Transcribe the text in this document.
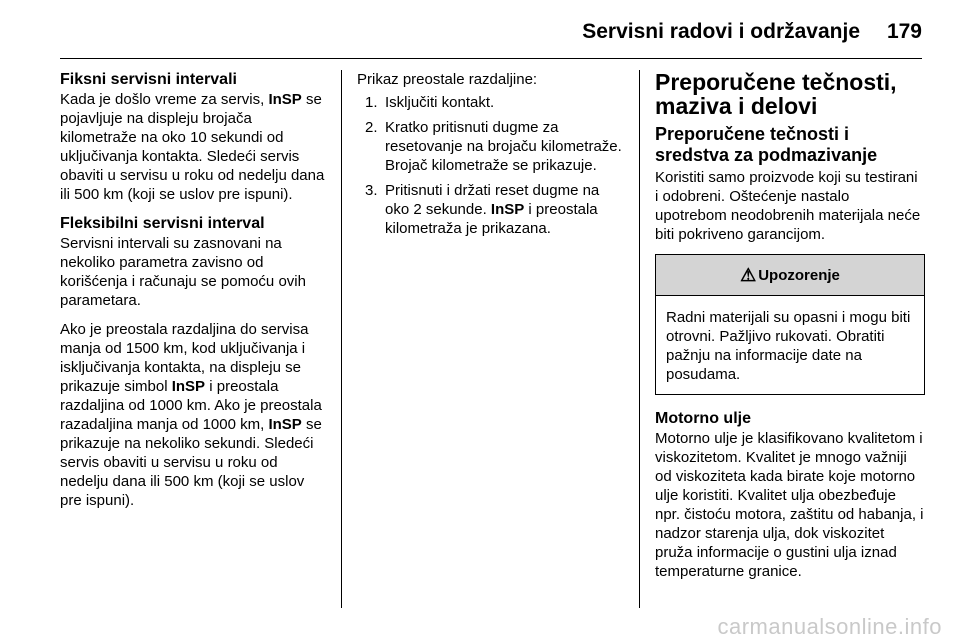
Servisni radovi i održavanje 179
Fiksni servisni intervali

Kada je došlo vreme za servis, InSP se pojavljuje na displeju brojača kilometraže na oko 10 sekundi od uključivanja kontakta. Sledeći servis obaviti u servisu u roku od nedelju dana ili 500 km (koji se uslov pre ispuni).

Fleksibilni servisni interval

Servisni intervali su zasnovani na nekoliko parametra zavisno od korišćenja i računaju se pomoću ovih parametara.

Ako je preostala razdaljina do servisa manja od 1500 km, kod uključivanja i isključivanja kontakta, na displeju se prikazuje simbol InSP i preostala razdaljina od 1000 km. Ako je preostala razadaljina manja od 1000 km, InSP se prikazuje na nekoliko sekundi. Sledeći servis obaviti u servisu u roku od nedelju dana ili 500 km (koji se uslov pre ispuni).

Prikaz preostale razdaljine:

1. Isključiti kontakt.
2. Kratko pritisnuti dugme za resetovanje na brojaču kilometraže. Brojač kilometraže se prikazuje.
3. Pritisnuti i držati reset dugme na oko 2 sekunde. InSP i preostala kilometraža je prikazana.
Preporučene tečnosti, maziva i delovi
Preporučene tečnosti i sredstva za podmazivanje

Koristiti samo proizvode koji su testirani i odobreni. Oštećenje nastalo upotrebom neodobrenih materijala neće biti pokriveno garancijom.

⚠ Upozorenje
Radni materijali su opasni i mogu biti otrovni. Pažljivo rukovati. Obratiti pažnju na informacije date na posudama.
Motorno ulje

Motorno ulje je klasifikovano kvalitetom i viskozitetom. Kvalitet je mnogo važniji od viskoziteta kada birate koje motorno ulje koristiti. Kvalitet ulja obezbeđuje npr. čistoću motora, zaštitu od habanja, i nadzor starenja ulja, dok viskozitet pruža informacije o gustini ulja iznad temperaturne granice.

carmanualsonline.info
